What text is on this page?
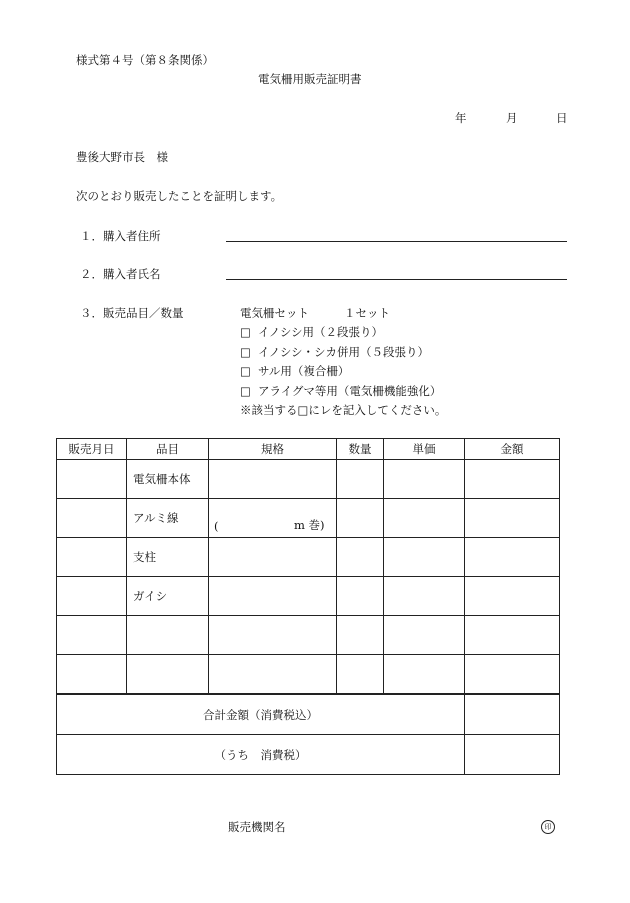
様式第４号（第８条関係）
電気柵用販売証明書
年	月	日
豊後大野市長　様
次のとおり販売したことを証明します。
１．購入者住所
２．購入者氏名
３．販売品目／数量	電気柵セット	１セット
□ イノシシ用（２段張り）
□ イノシシ・シカ併用（５段張り）
□ サル用（複合柵）
□ アライグマ等用（電気柵機能強化）
※該当する□にレを記入してください。
販売月日	品目	規格	数量	単価	金額
	電気柵本体				
	アルミ線	( m 巻)			

	支柱				
	ガイシ				

合計金額（消費税込）					
（うち　消費税）					
販売機関名	印
